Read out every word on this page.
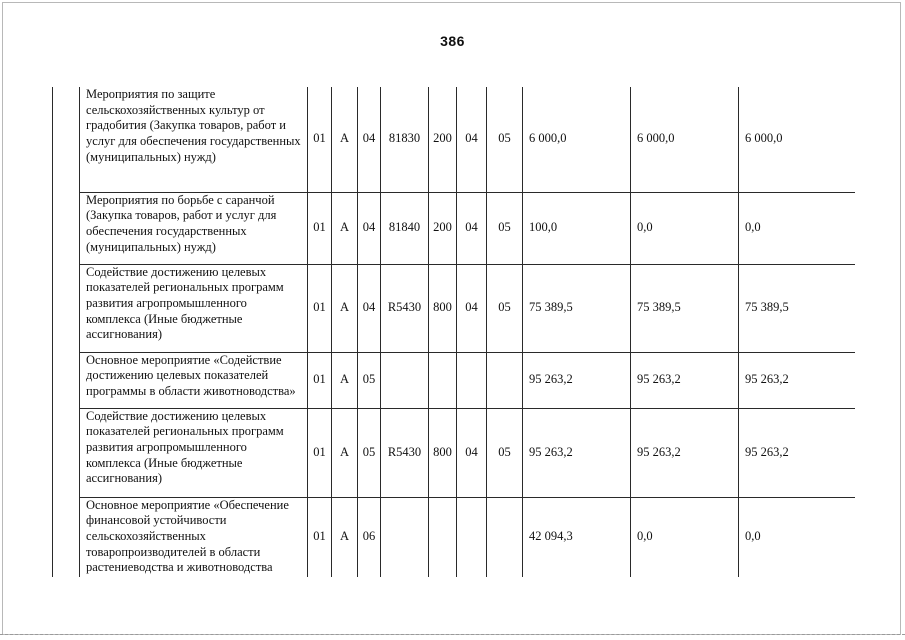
386
Мероприятия по защите сельскохозяйственных культур от градобития (Закупка товаров, работ и услуг для обеспечения государственных (муниципальных) нужд)	01	А	04	81830	200	04	05	6 000,0	6 000,0	6 000,0
Мероприятия по борьбе с саранчой (Закупка товаров, работ и услуг для обеспечения государственных (муниципальных) нужд)	01	А	04	81840	200	04	05	100,0	0,0	0,0
Содействие достижению целевых показателей региональных программ развития агропромышленного комплекса (Иные бюджетные ассигнования)	01	А	04	R5430	800	04	05	75 389,5	75 389,5	75 389,5
Основное мероприятие «Содействие достижению целевых показателей программы в области животноводства»	01	А	05					95 263,2	95 263,2	95 263,2
Содействие достижению целевых показателей региональных программ развития агропромышленного комплекса (Иные бюджетные ассигнования)	01	А	05	R5430	800	04	05	95 263,2	95 263,2	95 263,2
Основное мероприятие «Обеспечение финансовой устойчивости сельскохозяйственных товаропроизводителей в области растениеводства и животноводства	01	А	06					42 094,3	0,0	0,0
